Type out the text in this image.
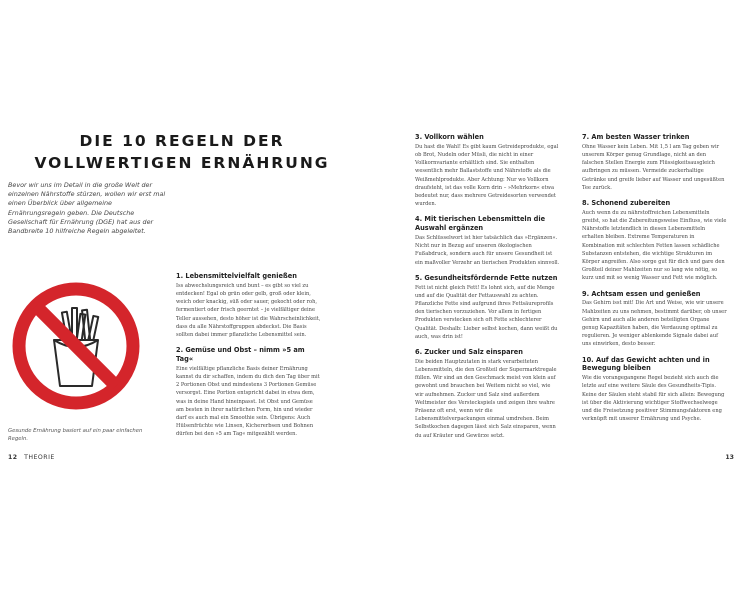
DIE 10 REGELN DER
VOLLWERTIGEN ERNÄHRUNG

Bevor wir uns im Detail in die große Welt der einzelnen Nährstoffe stürzen, wollen wir erst mal einen Überblick über allgemeine Ernährungsregeln geben. Die Deutsche Gesellschaft für Ernährung (DGE) hat aus der Bandbreite 10 hilfreiche Regeln abgeleitet.

Gesunde Ernährung basiert auf ein paar einfachen Regeln.

1. Lebensmittelvielfalt genießen

Iss abwechslungsreich und bunt – es gibt so viel zu entdecken! Egal ob grün oder gelb, groß oder klein, weich oder knackig, süß oder sauer, gekocht oder roh, fermentiert oder frisch geerntet – je vielfältiger deine Teller aussehen, desto höher ist die Wahrscheinlichkeit, dass du alle Nährstoffgruppen abdeckst. Die Basis sollten dabei immer pflanzliche Lebensmittel sein.

2. Gemüse und Obst – nimm »5 am Tag«

Eine vielfältige pflanzliche Basis deiner Ernährung kannst du dir schaffen, indem du dich den Tag über mit 2 Portionen Obst und mindestens 3 Portionen Gemüse versorgst. Eine Portion entspricht dabei in etwa dem, was in deine Hand hineinpasst. Ist Obst und Gemüse am besten in ihrer natürlichen Form, hin und wieder darf es auch mal ein Smoothie sein. Übrigens: Auch Hülsenfrüchte wie Linsen, Kichererbsen und Bohnen dürfen bei den »5 am Tag« mitgezählt werden.

12 THEORIE
3. Vollkorn wählen

Du hast die Wahl! Es gibt kaum Getreideprodukte, egal ob Brot, Nudeln oder Müsli, die nicht in einer Vollkornvariante erhältlich sind. Sie enthalten wesentlich mehr Ballaststoffe und Nährstoffe als die Weißmehlprodukte. Aber Achtung: Nur wo Vollkorn draufsteht, ist das volle Korn drin – »Mehrkorn« etwa bedeutet nur, dass mehrere Getreidesorten verwendet wurden.

4. Mit tierischen Lebensmitteln die Auswahl ergänzen

Das Schlüsselwort ist hier tatsächlich das »Ergänzen«. Nicht nur in Bezug auf unseren ökologischen Fußabdruck, sondern auch für unsere Gesundheit ist ein maßvoller Verzehr an tierischen Produkten sinnvoll.

5. Gesundheitsfördernde Fette nutzen

Fett ist nicht gleich Fett! Es lohnt sich, auf die Menge und auf die Qualität der Fettauswahl zu achten. Pflanzliche Fette sind aufgrund ihres Fettsäureprofils den tierischen vorzuziehen. Vor allem in fertigen Produkten verstecken sich oft Fette schlechterer Qualität. Deshalb: Lieber selbst kochen, dann weißt du auch, was drin ist!

6. Zucker und Salz einsparen

Die beiden Hauptzutaten in stark verarbeiteten Lebensmitteln, die den Großteil der Supermarktregale füllen. Wir sind an den Geschmack meist von klein auf gewohnt und brauchen bei Weitem nicht so viel, wie wir aufnehmen. Zucker und Salz sind außerdem Weltmeister des Versteckspiels und zeigen ihre wahre Präsenz oft erst, wenn wir die Lebensmittelverpackungen einmal umdrehen. Beim Selbstkochen dagegen lässt sich Salz einsparen, wenn du auf Kräuter und Gewürze setzt.

7. Am besten Wasser trinken

Ohne Wasser kein Leben. Mit 1,5 l am Tag geben wir unserem Körper genug Grundlage, nicht an den falschen Stellen Energie zum Flüssigkeitsausgleich aufbringen zu müssen. Vermeide zuckerhaltige Getränke und greife lieber auf Wasser und ungesüßten Tee zurück.

8. Schonend zubereiten

Auch wenn du zu nährstoffreichen Lebensmitteln greifst, so hat die Zubereitungsweise Einfluss, wie viele Nährstoffe letztendlich in diesen Lebensmitteln erhalten bleiben. Extreme Temperaturen in Kombination mit schlechten Fetten lassen schädliche Substanzen entstehen, die wichtige Strukturen im Körper angreifen. Also sorge gut für dich und gare den Großteil deiner Mahlzeiten nur so lang wie nötig, so kurz und mit so wenig Wasser und Fett wie möglich.

9. Achtsam essen und genießen

Das Gehirn isst mit! Die Art und Weise, wie wir unsere Mahlzeiten zu uns nehmen, bestimmt darüber, ob unser Gehirn und auch alle anderen beteiligten Organe genug Kapazitäten haben, die Verdauung optimal zu regulieren. Je weniger ablenkende Signale dabei auf uns einwirken, desto besser.

10. Auf das Gewicht achten und in Bewegung bleiben

Wie die vorangegangene Regel bezieht sich auch die letzte auf eine weitere Säule des Gesundheits-Tipis. Keine der Säulen steht stabil für sich allein: Bewegung ist über die Aktivierung wichtiger Stoffwechselwege und die Freisetzung positiver Stimmungsfaktoren eng verknüpft mit unserer Ernährung und Psyche.

13
